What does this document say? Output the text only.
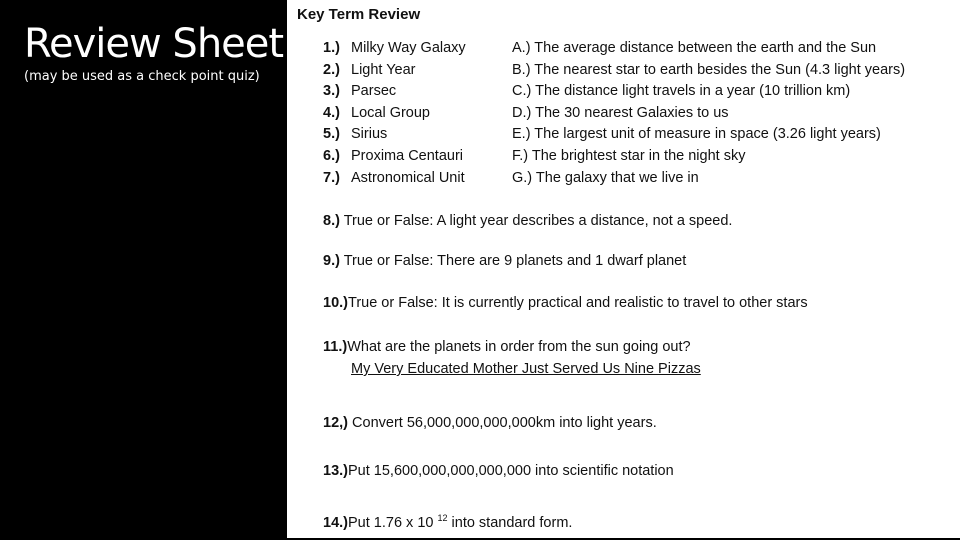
Review Sheet
(may be used as a check point quiz)
Key Term Review
1.) Milky Way Galaxy
2.) Light Year
3.) Parsec
4.) Local Group
5.) Sirius
6.) Proxima Centauri
7.) Astronomical Unit
A.) The average distance between the earth and the Sun
B.) The nearest star to earth besides the Sun (4.3 light years)
C.) The distance light travels in a year (10 trillion km)
D.) The 30 nearest Galaxies to us
E.) The largest unit of measure in space (3.26 light years)
F.) The brightest star in the night sky
G.) The galaxy that we live in
8.) True or False: A light year describes a distance, not a speed.
9.) True or False: There are 9 planets and 1 dwarf planet
10.)True or False: It is currently practical and realistic to travel to other stars
11.)What are the planets in order from the sun going out?
My Very Educated Mother Just Served Us Nine Pizzas
12,) Convert 56,000,000,000,000km into light years.
13.)Put 15,600,000,000,000,000 into scientific notation
14.)Put 1.76 x 10 $^{12}$ into standard form.
